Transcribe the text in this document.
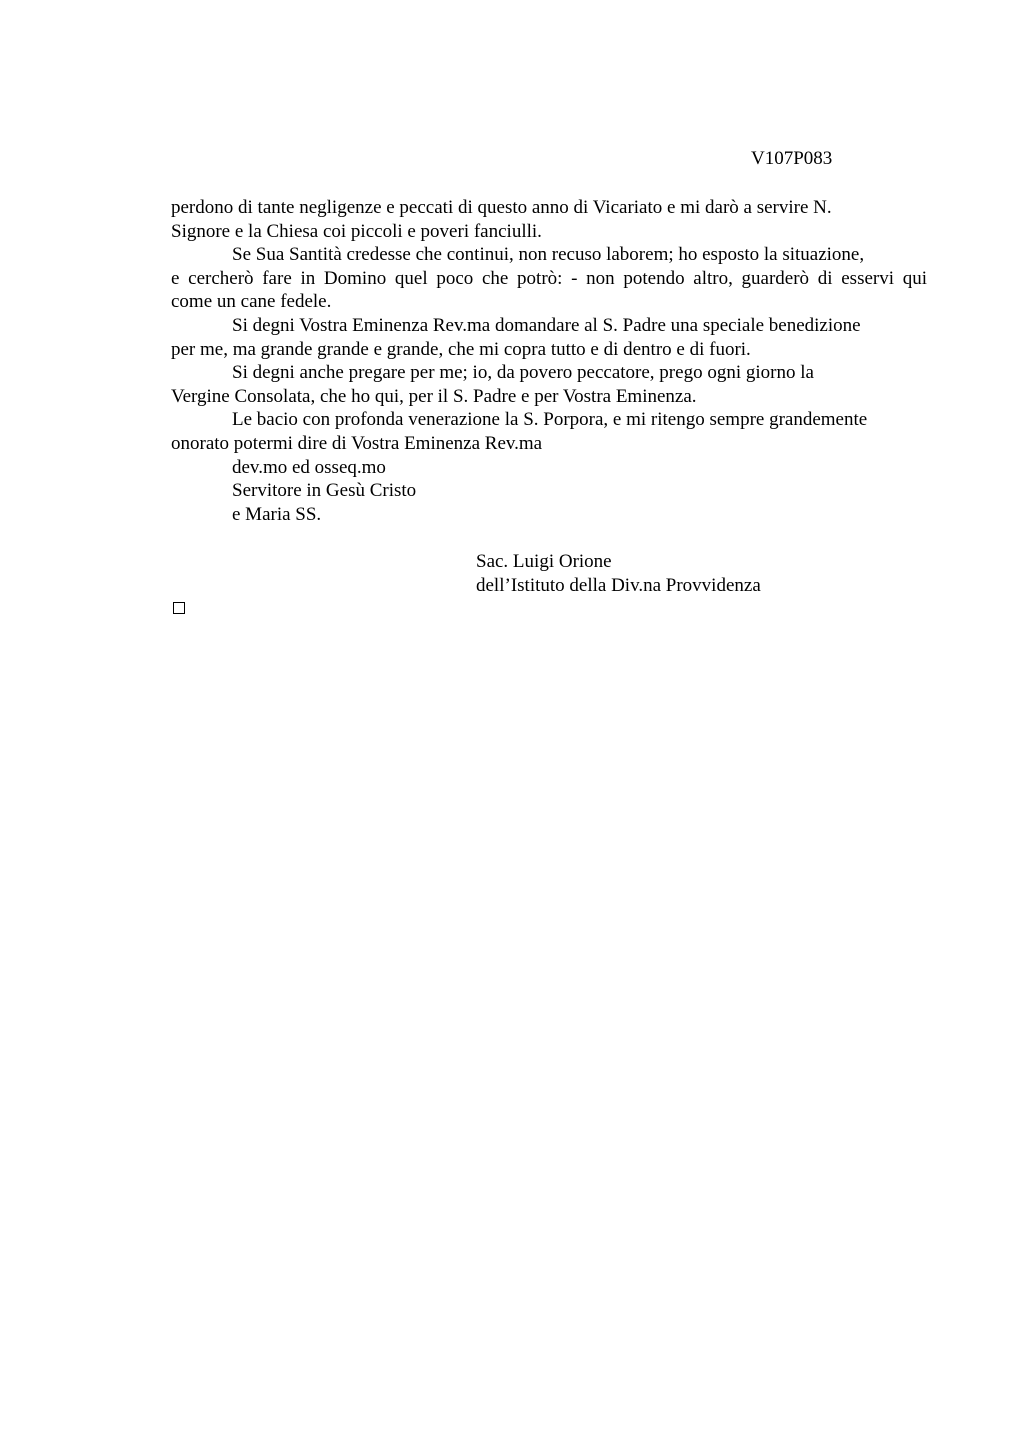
V107P083
perdono di tante negligenze e peccati di questo anno di Vicariato e mi darò a servire N.
Signore e la Chiesa coi piccoli e poveri fanciulli.
Se Sua Santità credesse che continui, non recuso laborem; ho esposto la situazione,
e cercherò fare in Domino quel poco che potrò: - non potendo altro, guarderò di esservi qui
come un cane fedele.
Si degni Vostra Eminenza Rev.ma domandare al S. Padre una speciale benedizione
per me, ma grande grande e grande, che mi copra tutto e di dentro e di fuori.
Si degni anche pregare per me; io, da povero peccatore, prego ogni giorno la
Vergine Consolata, che ho qui, per il S. Padre e per Vostra Eminenza.
Le bacio con profonda venerazione la S. Porpora, e mi ritengo sempre grandemente
onorato potermi dire di Vostra Eminenza Rev.ma
dev.mo ed osseq.mo
Servitore in Gesù Cristo
e Maria SS.
Sac. Luigi Orione
dell’Istituto della Div.na Provvidenza
